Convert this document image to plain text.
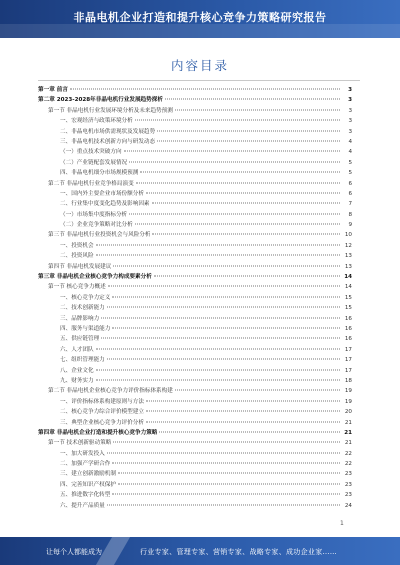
非晶电机企业打造和提升核心竞争力策略研究报告
内容目录
第一章 前言	3
第二章 2023-2028年非晶电机行业发展趋势探析	3
第一节 非晶电机行业发展环境分析及未来趋势预测	3
一、宏观经济与政策环境分析	3
二、非晶电机市场供需现状及发展趋势	3
三、非晶电机技术创新方向与研发动态	4
（一）重点技术突破方向	4
（二）产业链配套发展情况	5
四、非晶电机细分市场规模预测	5
第二节 非晶电机行业竞争格局演变	6
一、国内外主要企业市场份额分析	6
二、行业集中度变化趋势及影响因素	7
（一）市场集中度指标分析	8
（二）企业竞争策略对比分析	9
第三节 非晶电机行业投资机会与风险分析	10
一、投资机会	12
二、投资风险	13
第四节 非晶电机发展建议	13
第三章 非晶电机企业核心竞争力构成要素分析	14
第一节 核心竞争力概述	14
一、核心竞争力定义	15
二、技术创新能力	15
三、品牌影响力	16
四、服务与渠道能力	16
五、供应链管理	16
六、人才团队	17
七、组织管理能力	17
八、企业文化	17
九、财务实力	18
第二节 非晶电机企业核心竞争力评价指标体系构建	19
一、评价指标体系构建原则与方法	19
二、核心竞争力综合评价模型建立	20
三、典型企业核心竞争力评价分析	21
第四章 非晶电机企业打造和提升核心竞争力策略	21
第一节 技术创新驱动策略	21
一、加大研发投入	22
二、加强产学研合作	22
三、建立创新激励机制	23
四、完善知识产权保护	23
五、推进数字化转型	23
六、提升产品质量	24
1
让每个人都能成为	行业专家、管理专家、营销专家、战略专家、成功企业家……
